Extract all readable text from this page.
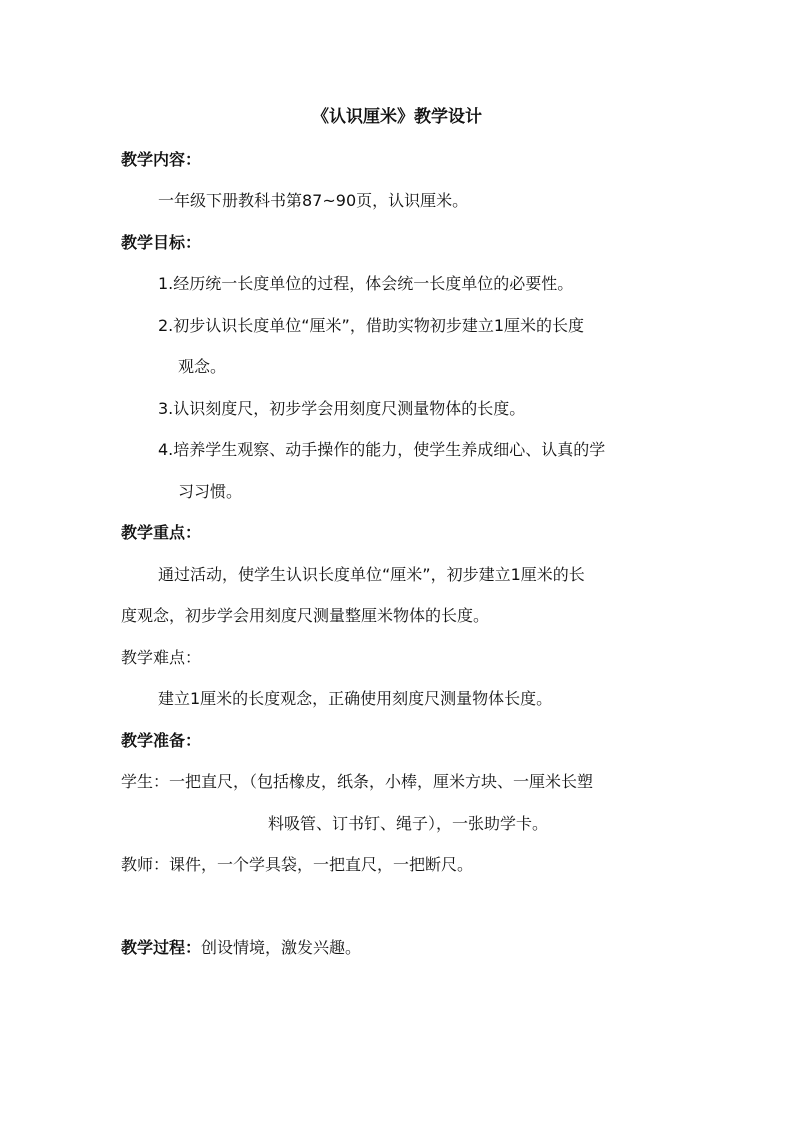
《认识厘米》教学设计
教学内容：
一年级下册教科书第87~90页，认识厘米。
教学目标：
1.经历统一长度单位的过程，体会统一长度单位的必要性。
2.初步认识长度单位“厘米”，借助实物初步建立1厘米的长度
观念。
3.认识刻度尺，初步学会用刻度尺测量物体的长度。
4.培养学生观察、动手操作的能力，使学生养成细心、认真的学
习习惯。
教学重点：
通过活动，使学生认识长度单位“厘米”，初步建立1厘米的长
度观念，初步学会用刻度尺测量整厘米物体的长度。
教学难点：
建立1厘米的长度观念，正确使用刻度尺测量物体长度。
教学准备：
学生：一把直尺，（包括橡皮，纸条，小棒，厘米方块、一厘米长塑
料吸管、订书钉、绳子），一张助学卡。
教师：课件，一个学具袋，一把直尺，一把断尺。
教学过程：创设情境，激发兴趣。
